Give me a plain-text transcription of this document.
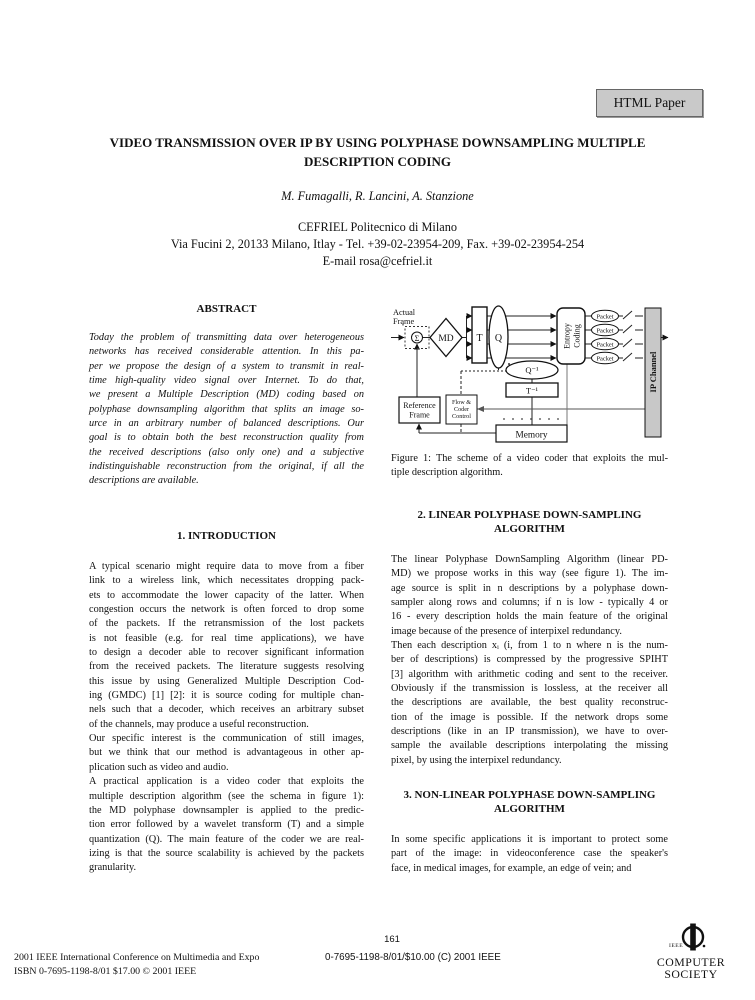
HTML Paper
VIDEO TRANSMISSION OVER IP BY USING POLYPHASE DOWNSAMPLING MULTIPLE
DESCRIPTION CODING
M. Fumagalli, R. Lancini, A. Stanzione
CEFRIEL Politecnico di Milano
Via Fucini 2, 20133 Milano, Itlay - Tel. +39-02-23954-209, Fax. +39-02-23954-254
E-mail rosa@cefriel.it
ABSTRACT
Today the problem of transmitting data over heterogeneous
networks has received considerable attention. In this pa-
per we propose the design of a system to transmit in real-
time high-quality video signal over Internet. To do that,
we present a Multiple Description (MD) coding based on
polyphase downsampling algorithm that splits an image so-
urce in an arbitrary number of balanced descriptions. Our
goal is to obtain both the best reconstruction quality from
the received descriptions (also only one) and a subjective
indistinguishable reconstruction from the original, if all the
descriptions are available.
1. INTRODUCTION
A typical scenario might require data to move from a fiber
link to a wireless link, which necessitates dropping pack-
ets to accommodate the lower capacity of the latter. When
congestion occurs the network is often forced to drop some
of the packets. If the retransmission of the lost packets
is not feasible (e.g. for real time applications), we have
to design a decoder able to recover significant information
from the received packets. The literature suggests resolving
this issue by using Generalized Multiple Description Cod-
ing (GMDC) [1] [2]: it is source coding for multiple chan-
nels such that a decoder, which receives an arbitrary subset
of the channels, may produce a useful reconstruction.
Our specific interest is the communication of still images,
but we think that our method is advantageous in other ap-
plication such as video and audio.
A practical application is a video coder that exploits the
multiple description algorithm (see the schema in figure 1):
the MD polyphase downsampler is applied to the predic-
tion error followed by a wavelet transform (T) and a simple
quantization (Q). The main feature of the coder we are real-
izing is that the source scalability is achieved by the packets
granularity.
Actual
Frame
Σ MD T Q	Entropy Coding
Packet
Packet
Packet
Packet	IP Channel
Q⁻¹
T⁻¹
Flow &
Coder
Control
Reference
Frame
Memory
Figure 1: The scheme of a video coder that exploits the mul-
tiple description algorithm.
2. LINEAR POLYPHASE DOWN-SAMPLING
ALGORITHM
The linear Polyphase DownSampling Algorithm (linear PD-
MD) we propose works in this way (see figure 1). The im-
age source is split in n descriptions by a polyphase down-
sampler along rows and columns; if n is low - typically 4 or
16 - every description holds the main feature of the original
image because of the presence of interpixel redundancy.
Then each description xᵢ (i, from 1 to n where n is the num-
ber of descriptions) is compressed by the progressive SPIHT
[3] algorithm with arithmetic coding and sent to the receiver.
Obviously if the transmission is lossless, at the receiver all
the descriptions are available, the best quality reconstruc-
tion of the image is possible. If the network drops some
descriptions (like in an IP transmission), we have to over-
sample the available descriptions interpolating the missing
pixel, by using the interpixel redundancy.
3. NON-LINEAR POLYPHASE DOWN-SAMPLING
ALGORITHM
In some specific applications it is important to protect some
part of the image: in videoconference case the speaker's
face, in medical images, for example, an edge of vein; and
161
2001 IEEE International Conference on Multimedia and Expo
ISBN 0-7695-1198-8/01 $17.00 © 2001 IEEE
0-7695-1198-8/01/$10.00 (C) 2001 IEEE
IEEE
COMPUTER
SOCIETY
